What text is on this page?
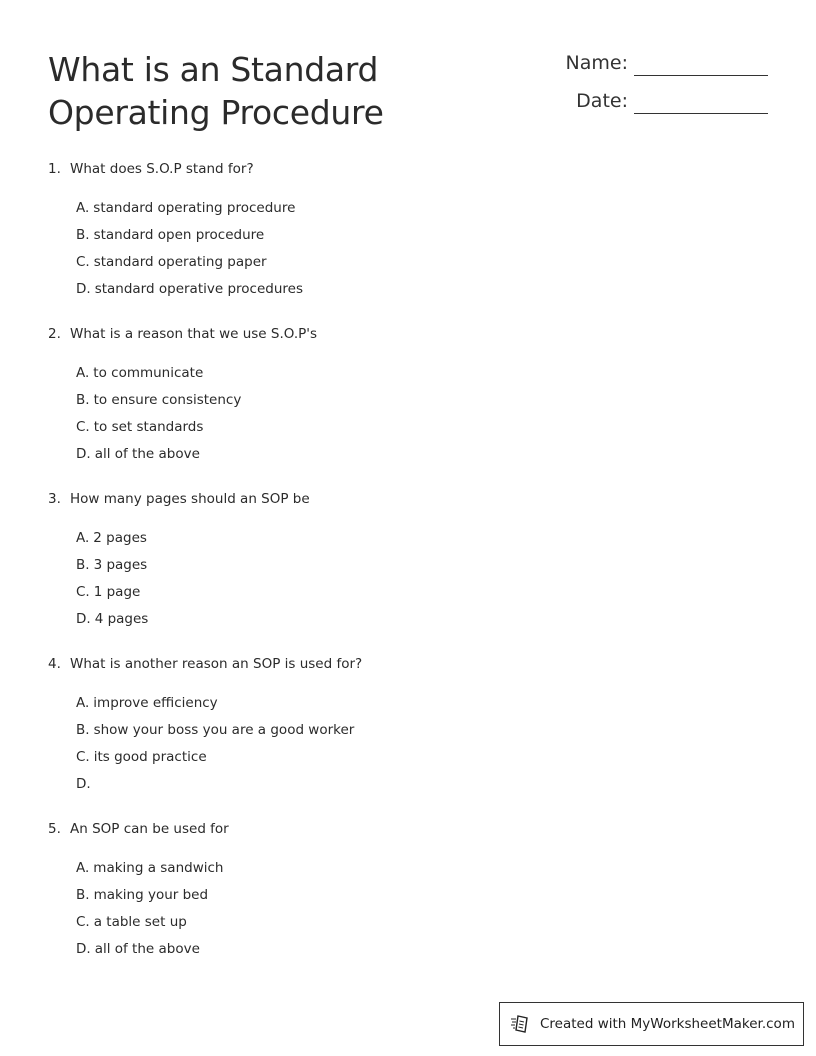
What is an Standard Operating Procedure
Name:
Date:
1. What does S.O.P stand for?
A. standard operating procedure
B. standard open procedure
C. standard operating paper
D. standard operative procedures
2. What is a reason that we use S.O.P's
A. to communicate
B. to ensure consistency
C. to set standards
D. all of the above
3. How many pages should an SOP be
A. 2 pages
B. 3 pages
C. 1 page
D. 4 pages
4. What is another reason an SOP is used for?
A. improve efficiency
B. show your boss you are a good worker
C. its good practice
D.
5. An SOP can be used for
A. making a sandwich
B. making your bed
C. a table set up
D. all of the above
Created with MyWorksheetMaker.com
